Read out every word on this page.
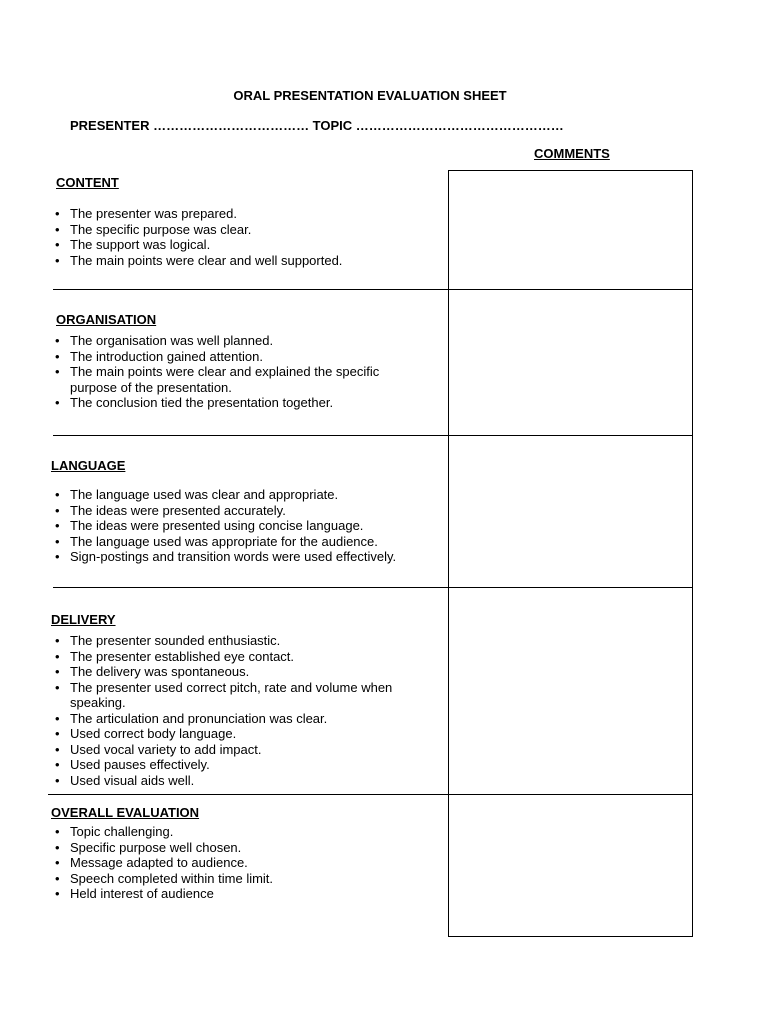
ORAL PRESENTATION EVALUATION SHEET
PRESENTER ……………………………… TOPIC …………………………………………
COMMENTS
CONTENT
• The presenter was prepared.
• The specific purpose was clear.
• The support was logical.
• The main points were clear and well supported.
ORGANISATION
• The organisation was well planned.
• The introduction gained attention.
• The main points were clear and explained the specific purpose of the presentation.
• The conclusion tied the presentation together.
LANGUAGE
• The language used was clear and appropriate.
• The ideas were presented accurately.
• The ideas were presented using concise language.
• The language used was appropriate for the audience.
• Sign-postings and transition words were used effectively.
DELIVERY
• The presenter sounded enthusiastic.
• The presenter established eye contact.
• The delivery was spontaneous.
• The presenter used correct pitch, rate and volume when speaking.
• The articulation and pronunciation was clear.
• Used correct body language.
• Used vocal variety to add impact.
• Used pauses effectively.
• Used visual aids well.
OVERALL EVALUATION
• Topic challenging.
• Specific purpose well chosen.
• Message adapted to audience.
• Speech completed within time limit.
• Held interest of audience
